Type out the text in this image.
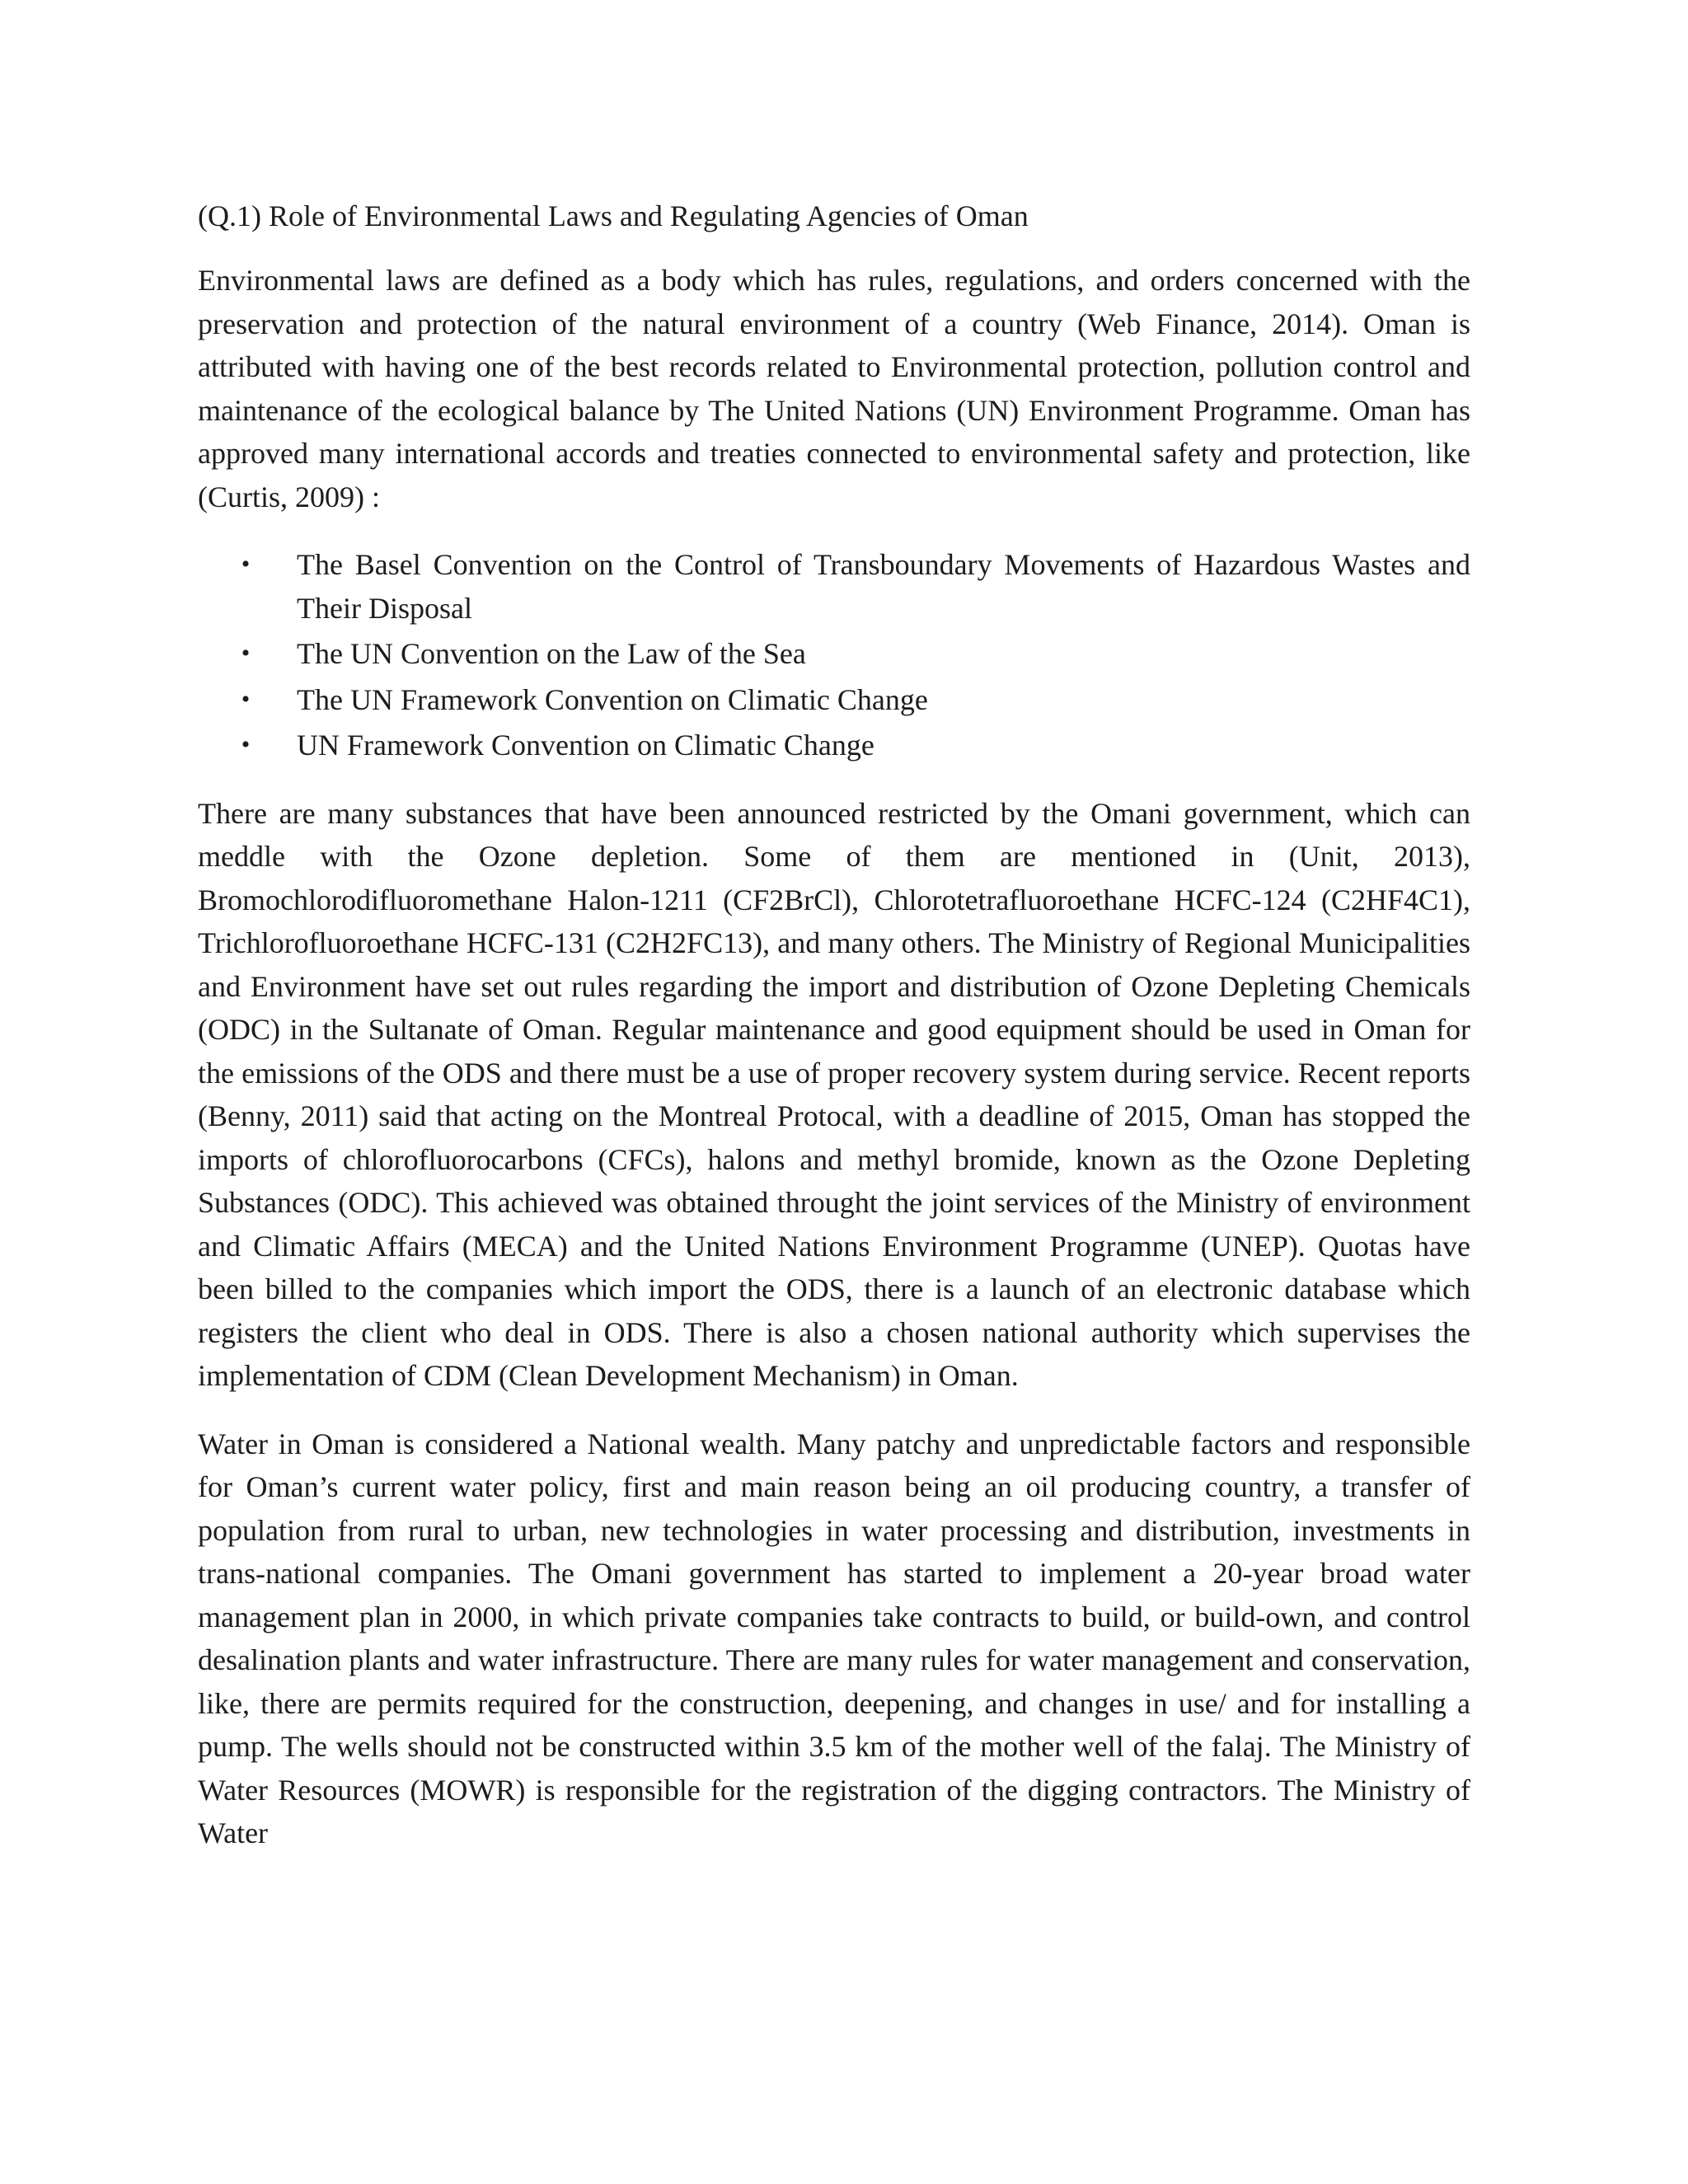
(Q.1) Role of Environmental Laws and Regulating Agencies of Oman

Environmental laws are defined as a body which has rules, regulations, and orders concerned with the preservation and protection of the natural environment of a country (Web Finance, 2014). Oman is attributed with having one of the best records related to Environmental protection, pollution control and maintenance of the ecological balance by The United Nations (UN) Environment Programme. Oman has approved many international accords and treaties connected to environmental safety and protection, like (Curtis, 2009) :

• The Basel Convention on the Control of Transboundary Movements of Hazardous Wastes and Their Disposal
• The UN Convention on the Law of the Sea
• The UN Framework Convention on Climatic Change
• UN Framework Convention on Climatic Change

There are many substances that have been announced restricted by the Omani government, which can meddle with the Ozone depletion. Some of them are mentioned in (Unit, 2013), Bromochlorodifluoromethane Halon-1211 (CF2BrCl), Chlorotetrafluoroethane HCFC-124 (C2HF4C1), Trichlorofluoroethane HCFC-131 (C2H2FC13), and many others. The Ministry of Regional Municipalities and Environment have set out rules regarding the import and distribution of Ozone Depleting Chemicals (ODC) in the Sultanate of Oman. Regular maintenance and good equipment should be used in Oman for the emissions of the ODS and there must be a use of proper recovery system during service. Recent reports (Benny, 2011) said that acting on the Montreal Protocal, with a deadline of 2015, Oman has stopped the imports of chlorofluorocarbons (CFCs), halons and methyl bromide, known as the Ozone Depleting Substances (ODC). This achieved was obtained throught the joint services of the Ministry of environment and Climatic Affairs (MECA) and the United Nations Environment Programme (UNEP). Quotas have been billed to the companies which import the ODS, there is a launch of an electronic database which registers the client who deal in ODS. There is also a chosen national authority which supervises the implementation of CDM (Clean Development Mechanism) in Oman.

Water in Oman is considered a National wealth. Many patchy and unpredictable factors and responsible for Oman’s current water policy, first and main reason being an oil producing country, a transfer of population from rural to urban, new technologies in water processing and distribution, investments in trans-national companies. The Omani government has started to implement a 20-year broad water management plan in 2000, in which private companies take contracts to build, or build-own, and control desalination plants and water infrastructure. There are many rules for water management and conservation, like, there are permits required for the construction, deepening, and changes in use/ and for installing a pump. The wells should not be constructed within 3.5 km of the mother well of the falaj. The Ministry of Water Resources (MOWR) is responsible for the registration of the digging contractors. The Ministry of Water
